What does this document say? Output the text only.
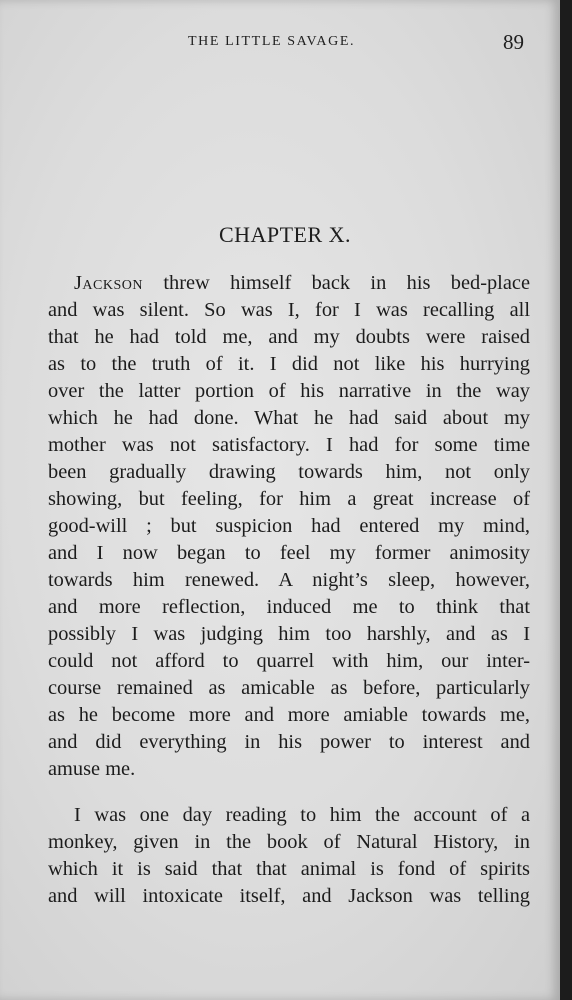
THE LITTLE SAVAGE.	89
CHAPTER X.
Jackson threw himself back in his bed-place
and was silent. So was I, for I was recalling all
that he had told me, and my doubts were raised
as to the truth of it. I did not like his hurrying
over the latter portion of his narrative in the way
which he had done. What he had said about my
mother was not satisfactory. I had for some time
been gradually drawing towards him, not only
showing, but feeling, for him a great increase of
good-will ; but suspicion had entered my mind,
and I now began to feel my former animosity
towards him renewed. A night’s sleep, however,
and more reflection, induced me to think that
possibly I was judging him too harshly, and as I
could not afford to quarrel with him, our inter-
course remained as amicable as before, particularly
as he become more and more amiable towards me,
and did everything in his power to interest and
amuse me.
I was one day reading to him the account of a
monkey, given in the book of Natural History, in
which it is said that that animal is fond of spirits
and will intoxicate itself, and Jackson was telling
